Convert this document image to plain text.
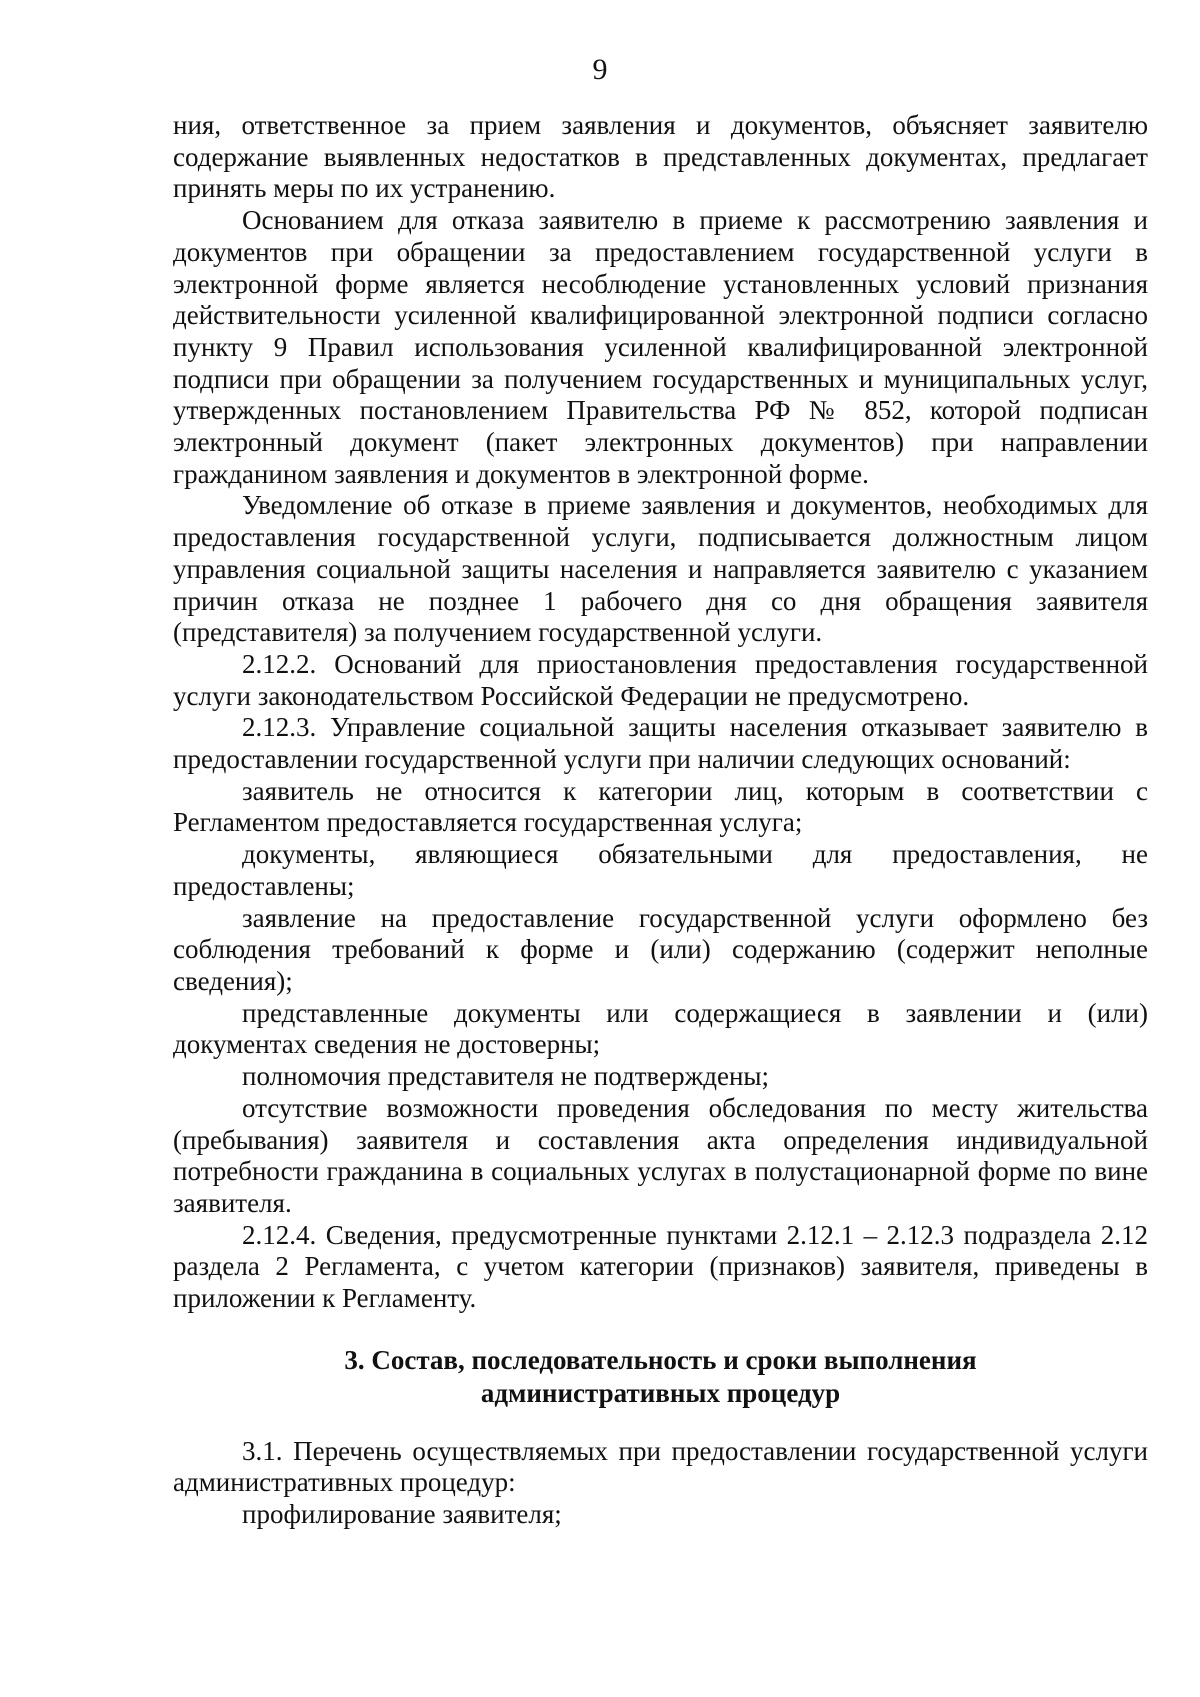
9

ния, ответственное за прием заявления и документов, объясняет заявителю содержание выявленных недостатков в представленных документах, предлагает принять меры по их устранению.

Основанием для отказа заявителю в приеме к рассмотрению заявления и документов при обращении за предоставлением государственной услуги в электронной форме является несоблюдение установленных условий признания действительности усиленной квалифицированной электронной подписи согласно пункту 9 Правил использования усиленной квалифицированной электронной подписи при обращении за получением государственных и муниципальных услуг, утвержденных постановлением Правительства РФ № 852, которой подписан электронный документ (пакет электронных документов) при направлении гражданином заявления и документов в электронной форме.

Уведомление об отказе в приеме заявления и документов, необходимых для предоставления государственной услуги, подписывается должностным лицом управления социальной защиты населения и направляется заявителю с указанием причин отказа не позднее 1 рабочего дня со дня обращения заявителя (представителя) за получением государственной услуги.

2.12.2. Оснований для приостановления предоставления государственной услуги законодательством Российской Федерации не предусмотрено.

2.12.3. Управление социальной защиты населения отказывает заявителю в предоставлении государственной услуги при наличии следующих оснований:

заявитель не относится к категории лиц, которым в соответствии с Регламентом предоставляется государственная услуга;

документы, являющиеся обязательными для предоставления, не предоставлены;

заявление на предоставление государственной услуги оформлено без соблюдения требований к форме и (или) содержанию (содержит неполные сведения);

представленные документы или содержащиеся в заявлении и (или) документах сведения не достоверны;

полномочия представителя не подтверждены;

отсутствие возможности проведения обследования по месту жительства (пребывания) заявителя и составления акта определения индивидуальной потребности гражданина в социальных услугах в полустационарной форме по вине заявителя.

2.12.4. Сведения, предусмотренные пунктами 2.12.1 – 2.12.3 подраздела 2.12 раздела 2 Регламента, с учетом категории (признаков) заявителя, приведены в приложении к Регламенту.

3. Состав, последовательность и сроки выполнения
административных процедур

3.1. Перечень осуществляемых при предоставлении государственной услуги административных процедур:

профилирование заявителя;
